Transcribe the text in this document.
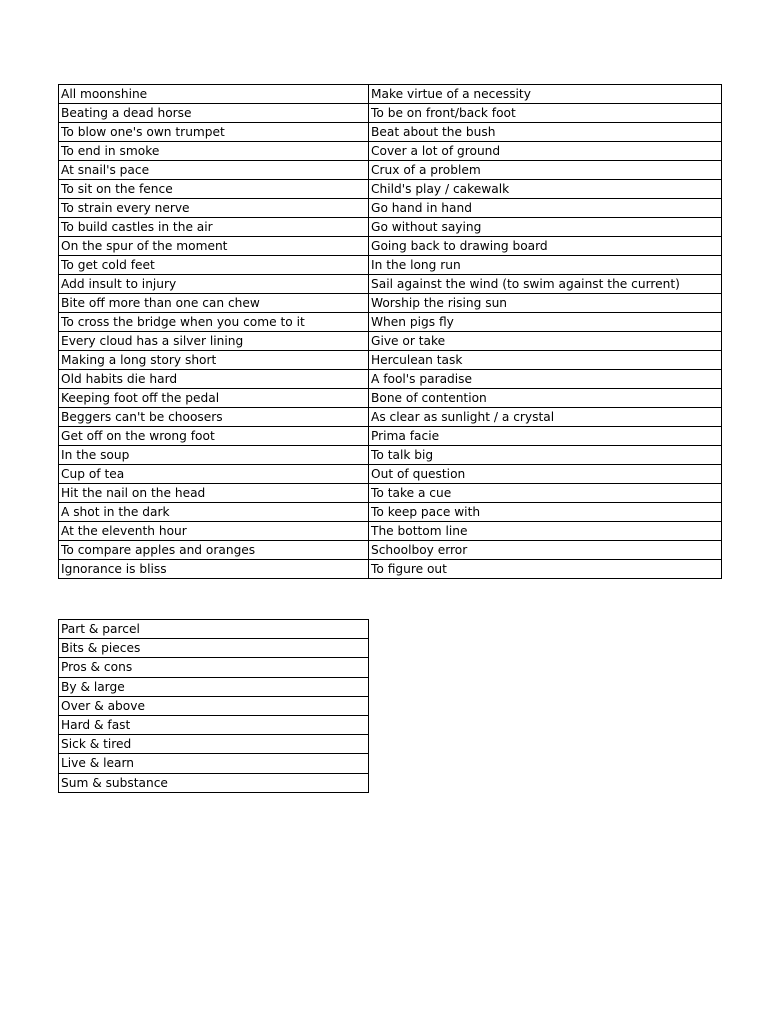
All moonshine	Make virtue of a necessity
Beating a dead horse	To be on front/back foot
To blow one's own trumpet	Beat about the bush
To end in smoke	Cover a lot of ground
At snail's pace	Crux of a problem
To sit on the fence	Child's play / cakewalk
To strain every nerve	Go hand in hand
To build castles in the air	Go without saying
On the spur of the moment	Going back to drawing board
To get cold feet	In the long run
Add insult to injury	Sail against the wind (to swim against the current)
Bite off more than one can chew	Worship the rising sun
To cross the bridge when you come to it	When pigs fly
Every cloud has a silver lining	Give or take
Making a long story short	Herculean task
Old habits die hard	A fool's paradise
Keeping foot off the pedal	Bone of contention
Beggers can't be choosers	As clear as sunlight / a crystal
Get off on the wrong foot	Prima facie
In the soup	To talk big
Cup of tea	Out of question
Hit the nail on the head	To take a cue
A shot in the dark	To keep pace with
At the eleventh hour	The bottom line
To compare apples and oranges	Schoolboy error
Ignorance is bliss	To figure out
Part & parcel
Bits & pieces
Pros & cons
By & large
Over & above
Hard & fast
Sick & tired
Live & learn
Sum & substance
